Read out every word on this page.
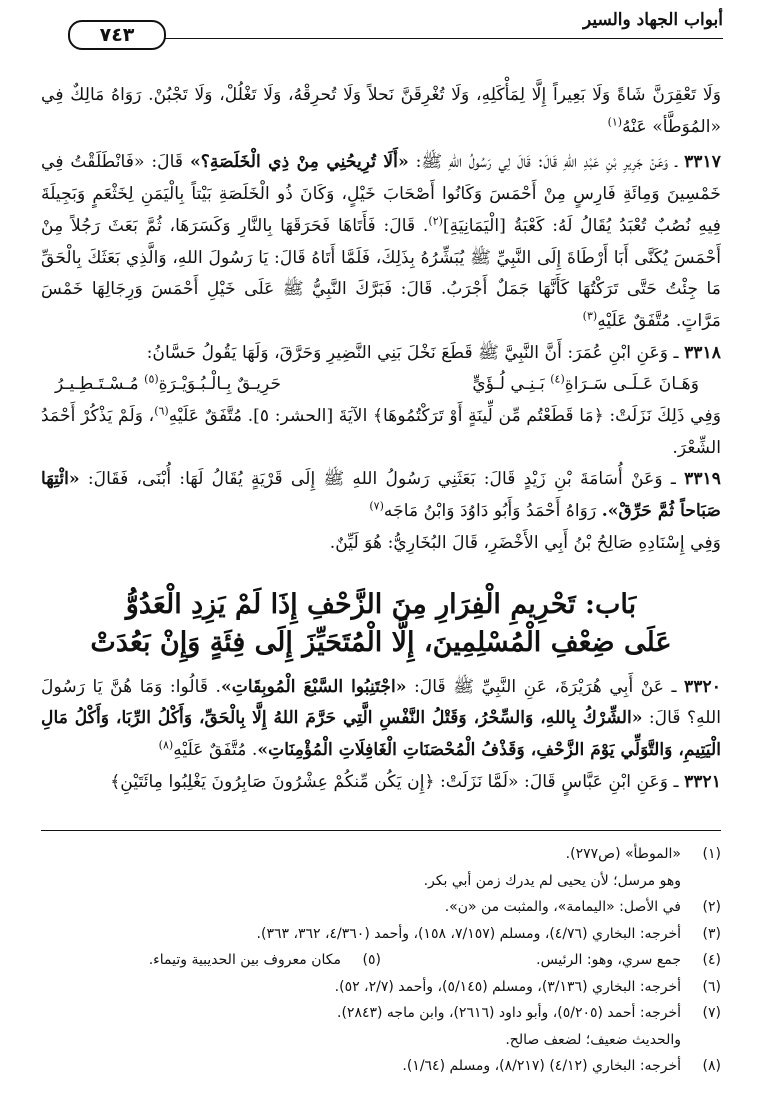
أبواب الجهاد والسير
٧٤٣

وَلَا تَعْقِرَنَّ شَاةً وَلَا بَعِيراً إِلَّا لِمَأْكَلِهِ، وَلَا تُغْرِقَنَّ نَحلاً وَلَا تُحرِقْهُ، وَلَا تَغْلُلْ، وَلَا تَجْبُنْ. رَوَاهُ مَالِكٌ فِي «المُوَطَّأ» عَنْهُ$^{(١)}$

٣٣١٧ ـ وَعَنْ جَرِيرِ بْنِ عَبْدِ اللهِ قَالَ: قَالَ لِي رَسُولُ اللهِ ﷺ: «أَلَا تُرِيحُنِي مِنْ ذِي الْخَلَصَةِ؟» قَالَ: «فَانْطَلَقْتُ فِي خَمْسِينَ وَمِائَةِ فَارِسٍ مِنْ أَحْمَسَ وَكَانُوا أَصْحَابَ خَيْلٍ، وَكَانَ ذُو الْخَلَصَةِ بَيْتاً بِالْيَمَنِ لِخَثْعَمٍ وَبَجِيلَةَ فِيهِ نُصُبٌ تُعْبَدُ يُقَالُ لَهُ: كَعْبَةُ [الْيَمَانِيَةِ]$^{(٢)}$. قَالَ: فَأَتَاهَا فَحَرَقَهَا بِالنَّارِ وَكَسَرَهَا، ثُمَّ بَعَثَ رَجُلاً مِنْ أَحْمَسَ يُكَنَّى أَبَا أَرْطَاةَ إِلَى النَّبِيِّ ﷺ يُبَشِّرُهُ بِذَلِكَ، فَلَمَّا أَتَاهُ قَالَ: يَا رَسُولَ اللهِ، وَالَّذِي بَعَثَكَ بِالْحَقِّ مَا جِئْتُ حَتَّى تَرَكْتُهَا كَأَنَّهَا جَمَلٌ أَجْرَبُ. قَالَ: فَبَرَّكَ النَّبِيُّ ﷺ عَلَى خَيْلِ أَحْمَسَ وَرِجَالِهَا خَمْسَ مَرَّاتٍ. مُتَّفَقٌ عَلَيْهِ$^{(٣)}$

٣٣١٨ ـ وَعَنِ ابْنِ عُمَرَ: أَنَّ النَّبِيَّ ﷺ قَطَعَ نَخْلَ بَنِي النَّضِيرِ وَحَرَّقَ، وَلَهَا يَقُولُ حَسَّانُ:

وَهَـانَ عَـلَـى سَـرَاةِ$^{(٤)}$ بَـنِـي لُـؤَيٍّ
حَرِيـقٌ بِـالْـبُـوَيْـرَةِ$^{(٥)}$ مُـسْـتَـطِـيـرُ

وَفِي ذَلِكَ نَزَلَتْ: ﴿مَا قَطَعْتُم مِّن لِّينَةٍ أَوْ تَرَكْتُمُوهَا﴾ الآيَةَ [الحشر: ٥]. مُتَّفَقٌ عَلَيْهِ$^{(٦)}$، وَلَمْ يَذْكُرْ أَحْمَدُ الشِّعْرَ.

٣٣١٩ ـ وَعَنْ أُسَامَةَ بْنِ زَيْدٍ قَالَ: بَعَثَنِي رَسُولُ اللهِ ﷺ إِلَى قَرْيَةٍ يُقَالُ لَهَا: أُبْنَى، فَقَالَ: «ائْتِهَا صَبَاحاً ثُمَّ حَرِّقْ». رَوَاهُ أَحْمَدُ وَأَبُو دَاوُدَ وَابْنُ مَاجَه$^{(٧)}$

وَفِي إِسْنَادِهِ صَالِحُ بْنُ أَبِي الأَخْضَرِ، قَالَ البُخَارِيُّ: هُوَ لَيِّنٌ.

بَاب: تَحْرِيمِ الْفِرَارِ مِنَ الزَّحْفِ إِذَا لَمْ يَزِدِ الْعَدُوُّ
عَلَى ضِعْفِ الْمُسْلِمِينَ، إِلَّا الْمُتَحَيِّزَ إِلَى فِئَةٍ وَإِنْ بَعُدَتْ

٣٣٢٠ ـ عَنْ أَبِي هُرَيْرَةَ، عَنِ النَّبِيِّ ﷺ قَالَ: «اجْتَنِبُوا السَّبْعَ الْمُوبِقَاتِ». قَالُوا: وَمَا هُنَّ يَا رَسُولَ اللهِ؟ قَالَ: «الشِّرْكُ بِاللهِ، وَالسِّحْرُ، وَقَتْلُ النَّفْسِ الَّتِي حَرَّمَ اللهُ إِلَّا بِالْحَقِّ، وَأَكْلُ الرِّبَا، وَأَكْلُ مَالِ الْيَتِيمِ، وَالتَّوَلِّي يَوْمَ الزَّحْفِ، وَقَذْفُ الْمُحْصَنَاتِ الْغَافِلَاتِ الْمُؤْمِنَاتِ». مُتَّفَقٌ عَلَيْهِ$^{(٨)}$

٣٣٢١ ـ وَعَنِ ابْنِ عَبَّاسٍ قَالَ: «لَمَّا نَزَلَتْ: ﴿إِن يَكُن مِّنكُمْ عِشْرُونَ صَابِرُونَ يَغْلِبُوا مِائَتَيْنِ﴾

(١)
«الموطأ» (ص٢٧٧).

وهو مرسل؛ لأن يحيى لم يدرك زمن أبي بكر.

(٢)
في الأصل: «اليمامة»، والمثبت من «ن».

(٣)
أخرجه: البخاري (٤/٧٦)، ومسلم (٧/١٥٧، ١٥٨)، وأحمد (٤/٣٦٠، ٣٦٢، ٣٦٣).

(٤)
جمع سري، وهو: الرئيس.

(٥)
مكان معروف بين الحديبية وتيماء.

(٦)
أخرجه: البخاري (٣/١٣٦)، ومسلم (٥/١٤٥)، وأحمد (٢/٧، ٥٢).

(٧)
أخرجه: أحمد (٥/٢٠٥)، وأبو داود (٢٦١٦)، وابن ماجه (٢٨٤٣).

والحديث ضعيف؛ لضعف صالح.

(٨)
أخرجه: البخاري (٤/١٢) (٨/٢١٧)، ومسلم (١/٦٤).
